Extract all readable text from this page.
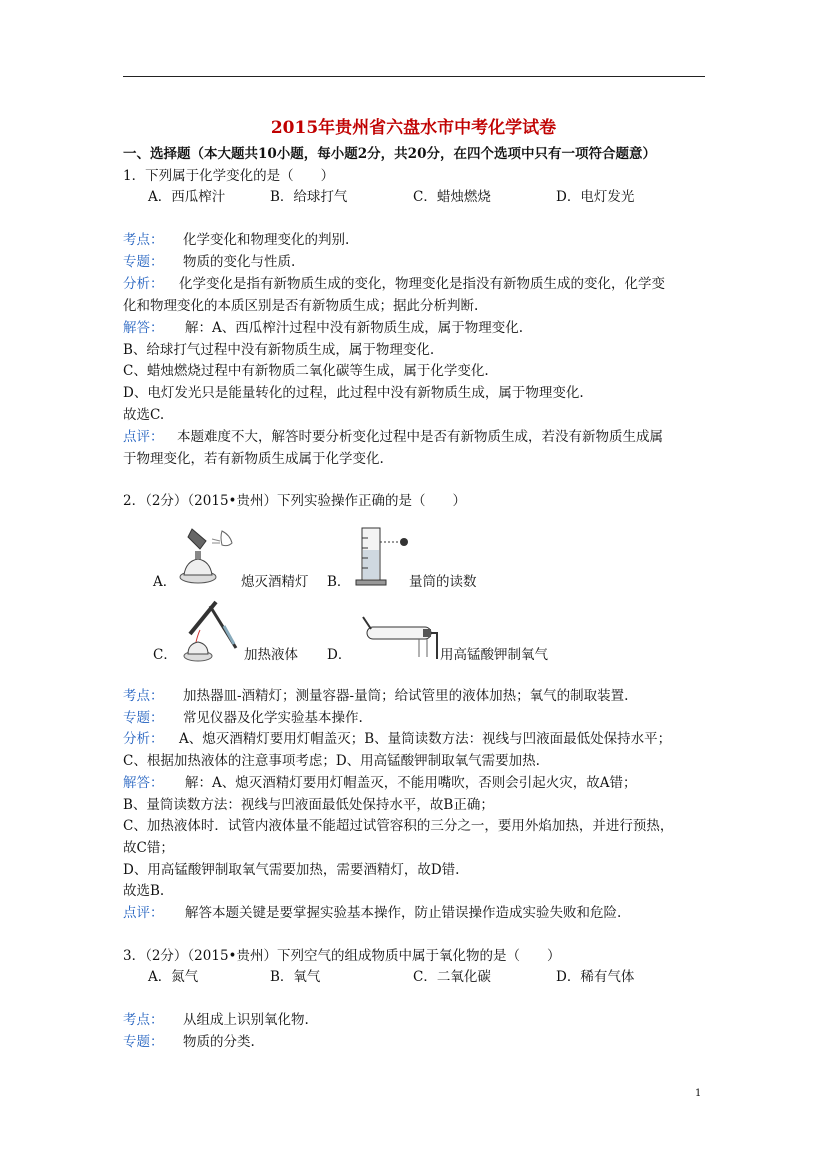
2015年贵州省六盘水市中考化学试卷
一、选择题（本大题共10小题，每小题2分，共20分，在四个选项中只有一项符合题意）
1．下列属于化学变化的是（　　）
A．西瓜榨汁	B．给球打气	C．蜡烛燃烧	D．电灯发光
考点： 化学变化和物理变化的判别.
专题： 物质的变化与性质.
分析： 化学变化是指有新物质生成的变化，物理变化是指没有新物质生成的变化，化学变
化和物理变化的本质区别是否有新物质生成；据此分析判断.
解答： 解：A、西瓜榨汁过程中没有新物质生成，属于物理变化.
B、给球打气过程中没有新物质生成，属于物理变化.
C、蜡烛燃烧过程中有新物质二氧化碳等生成，属于化学变化.
D、电灯发光只是能量转化的过程，此过程中没有新物质生成，属于物理变化.
故选C.
点评： 本题难度不大，解答时要分析变化过程中是否有新物质生成，若没有新物质生成属
于物理变化，若有新物质生成属于化学变化.
2．（2分）（2015•贵州）下列实验操作正确的是（　　）
A．	熄灭酒精灯 B．	量筒的读数
C．	加热液体 D．	用高锰酸钾制氧气
考点： 加热器皿-酒精灯；测量容器-量筒；给试管里的液体加热；氧气的制取装置.
专题： 常见仪器及化学实验基本操作.
分析： A、熄灭酒精灯要用灯帽盖灭；B、量筒读数方法：视线与凹液面最低处保持水平；
C、根据加热液体的注意事项考虑；D、用高锰酸钾制取氧气需要加热.
解答： 解：A、熄灭酒精灯要用灯帽盖灭，不能用嘴吹，否则会引起火灾，故A错；
B、量筒读数方法：视线与凹液面最低处保持水平，故B正确；
C、加热液体时．试管内液体量不能超过试管容积的三分之一，要用外焰加热，并进行预热，
故C错；
D、用高锰酸钾制取氧气需要加热，需要酒精灯，故D错.
故选B.
点评： 解答本题关键是要掌握实验基本操作，防止错误操作造成实验失败和危险.
3．（2分）（2015•贵州）下列空气的组成物质中属于氧化物的是（　　）
A．氮气	B．氧气	C．二氧化碳	D．稀有气体
考点： 从组成上识别氧化物.
专题： 物质的分类.
1
